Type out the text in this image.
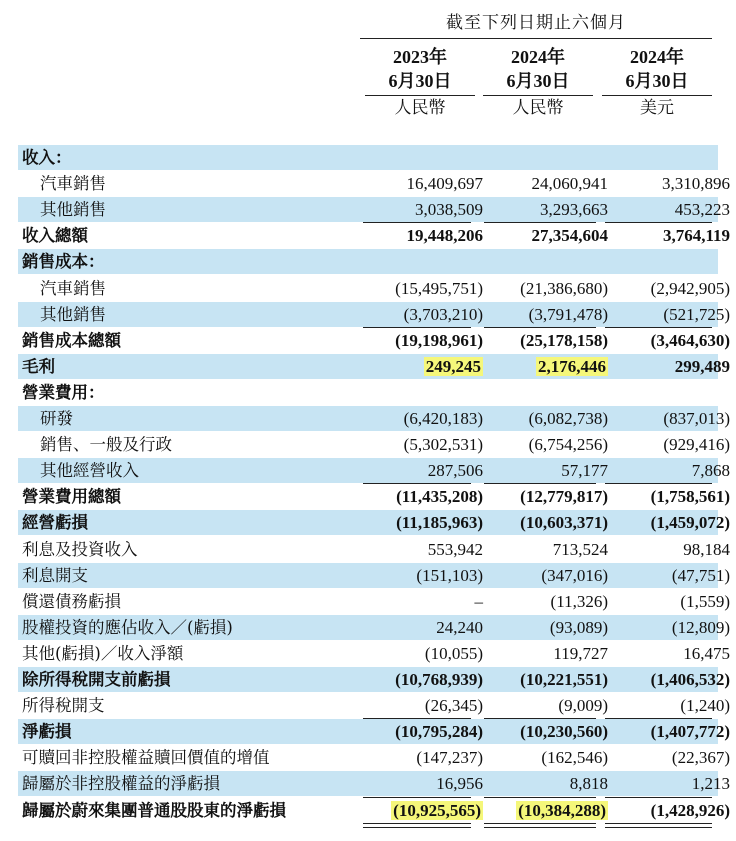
截至下列日期止六個月
2023年
6月30日
人民幣
2024年
6月30日
人民幣
2024年
6月30日
美元
收入：
汽車銷售	16,409,697	24,060,941	3,310,896
其他銷售	3,038,509	3,293,663	453,223
收入總額	19,448,206	27,354,604	3,764,119
銷售成本：
汽車銷售	(15,495,751)	(21,386,680)	(2,942,905)
其他銷售	(3,703,210)	(3,791,478)	(521,725)
銷售成本總額	(19,198,961)	(25,178,158)	(3,464,630)
毛利	249,245	2,176,446	299,489
營業費用：
研發	(6,420,183)	(6,082,738)	(837,013)
銷售、一般及行政	(5,302,531)	(6,754,256)	(929,416)
其他經營收入	287,506	57,177	7,868
營業費用總額	(11,435,208)	(12,779,817)	(1,758,561)
經營虧損	(11,185,963)	(10,603,371)	(1,459,072)
利息及投資收入	553,942	713,524	98,184
利息開支	(151,103)	(347,016)	(47,751)
償還債務虧損	–	(11,326)	(1,559)
股權投資的應佔收入／(虧損)	24,240	(93,089)	(12,809)
其他(虧損)／收入淨額	(10,055)	119,727	16,475
除所得稅開支前虧損	(10,768,939)	(10,221,551)	(1,406,532)
所得稅開支	(26,345)	(9,009)	(1,240)
淨虧損	(10,795,284)	(10,230,560)	(1,407,772)
可贖回非控股權益贖回價值的增值	(147,237)	(162,546)	(22,367)
歸屬於非控股權益的淨虧損	16,956	8,818	1,213
歸屬於蔚來集團普通股股東的淨虧損	(10,925,565)	(10,384,288)	(1,428,926)
